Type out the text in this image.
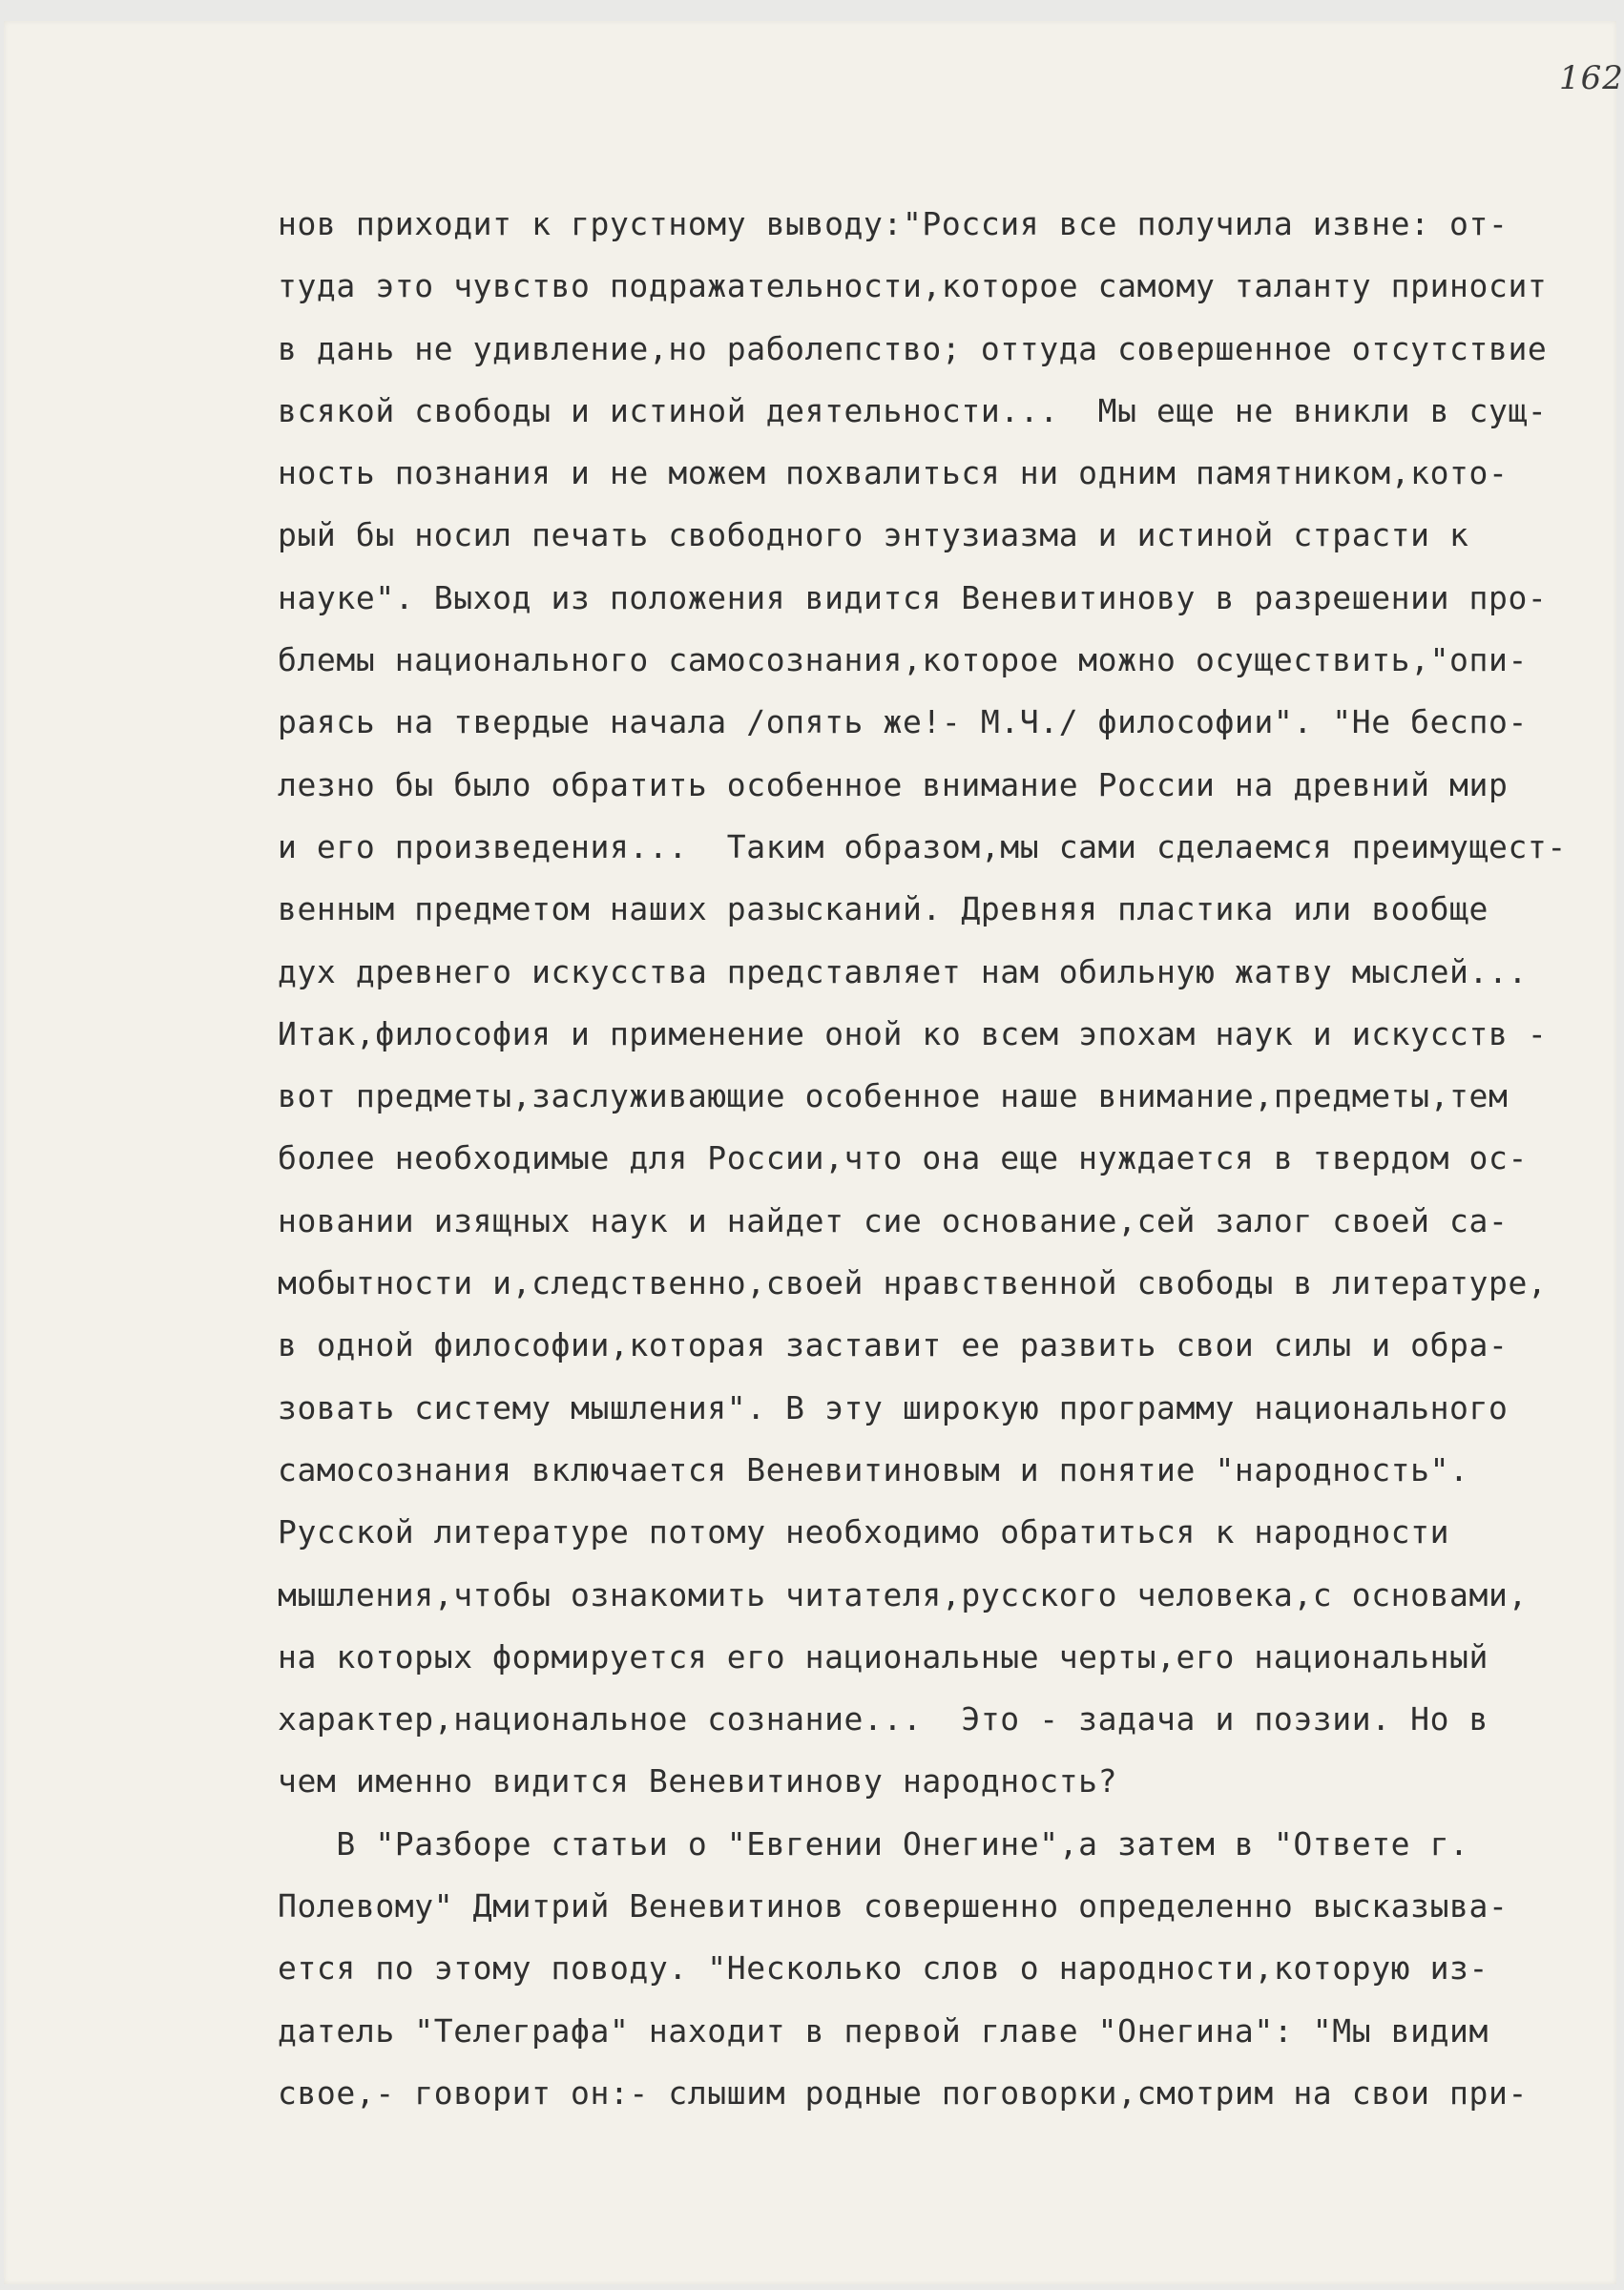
162
нов приходит к грустному выводу:"Россия все получила извне: от-
туда это чувство подражательности,которое самому таланту приносит
в дань не удивление,но раболепство; оттуда совершенное отсутствие
всякой свободы и истиной деятельности...  Мы еще не вникли в сущ-
ность познания и не можем похвалиться ни одним памятником,кото-
рый бы носил печать свободного энтузиазма и истиной страсти к
науке". Выход из положения видится Веневитинову в разрешении про-
блемы национального самосознания,которое можно осуществить,"опи-
раясь на твердые начала /опять же!- М.Ч./ философии". "Не беспо-
лезно бы было обратить особенное внимание России на древний мир
и его произведения...  Таким образом,мы сами сделаемся преимущест-
венным предметом наших разысканий. Древняя пластика или вообще
дух древнего искусства представляет нам обильную жатву мыслей...
Итак,философия и применение оной ко всем эпохам наук и искусств -
вот предметы,заслуживающие особенное наше внимание,предметы,тем
более необходимые для России,что она еще нуждается в твердом ос-
новании изящных наук и найдет сие основание,сей залог своей са-
мобытности и,следственно,своей нравственной свободы в литературе,
в одной философии,которая заставит ее развить свои силы и обра-
зовать систему мышления". В эту широкую программу национального
самосознания включается Веневитиновым и понятие "народность".
Русской литературе потому необходимо обратиться к народности
мышления,чтобы ознакомить читателя,русского человека,с основами,
на которых формируется его национальные черты,его национальный
характер,национальное сознание...  Это - задача и поэзии. Но в
чем именно видится Веневитинову народность?
В "Разборе статьи о "Евгении Онегине",а затем в "Ответе г.
Полевому" Дмитрий Веневитинов совершенно определенно высказыва-
ется по этому поводу. "Несколько слов о народности,которую из-
датель "Телеграфа" находит в первой главе "Онегина": "Мы видим
свое,- говорит он:- слышим родные поговорки,смотрим на свои при-
